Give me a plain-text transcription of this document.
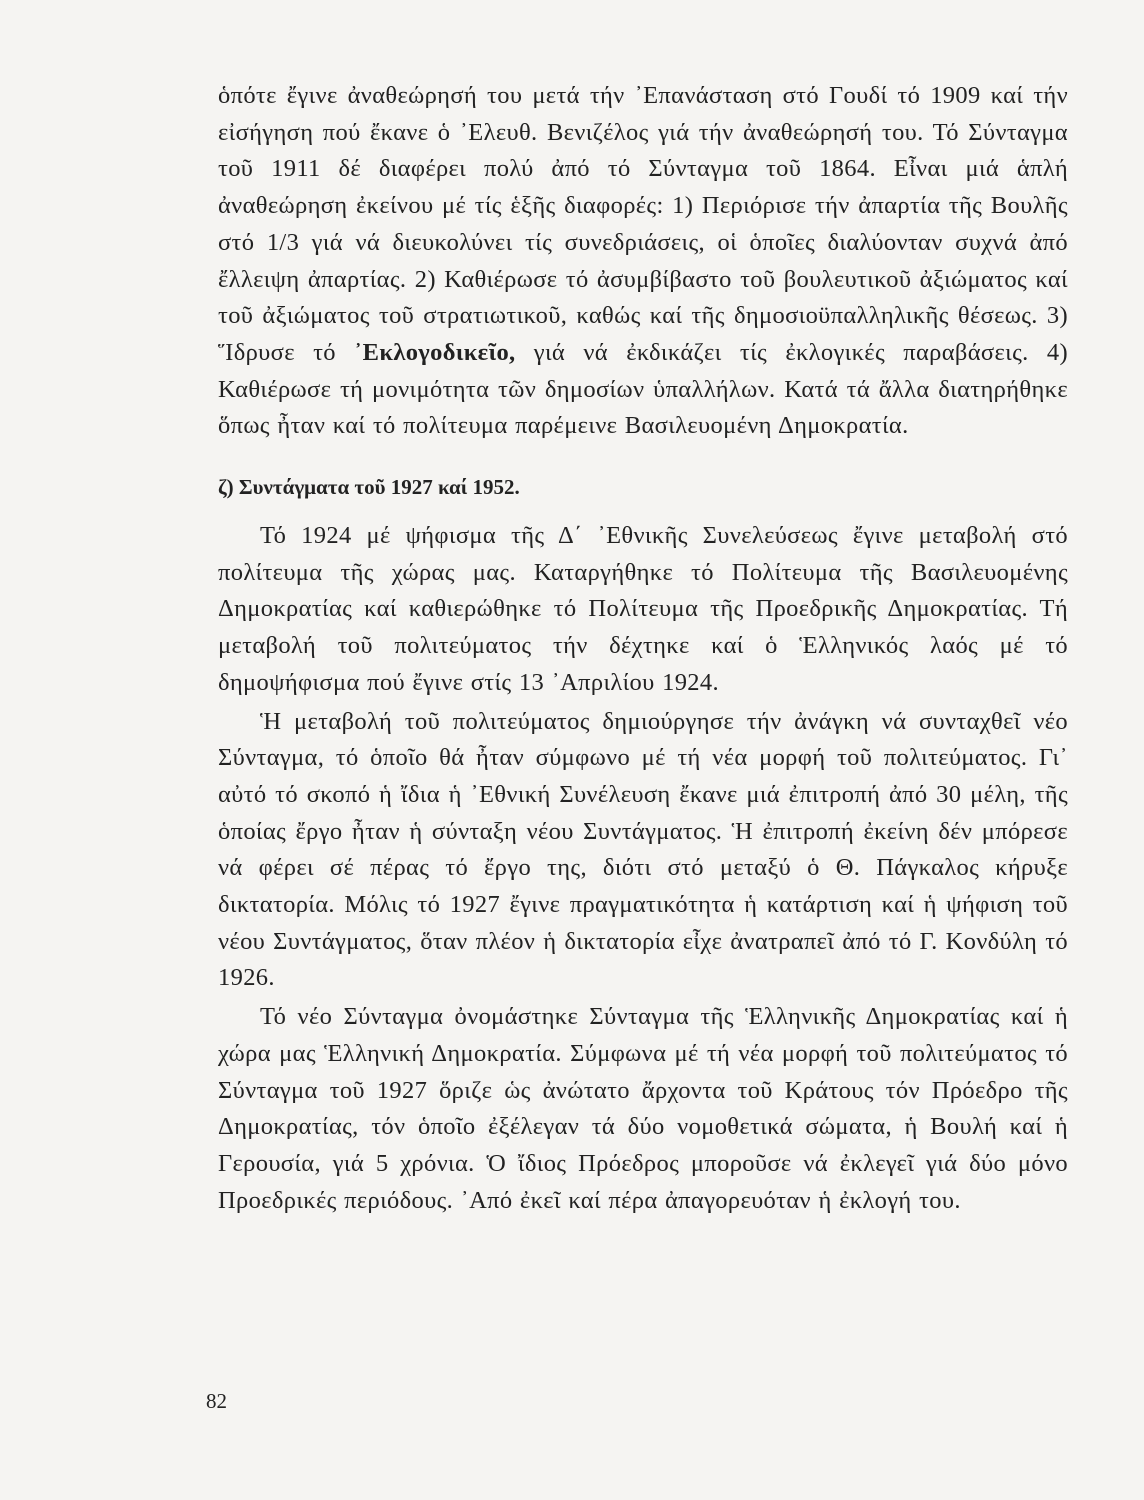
ὁπότε ἔγινε ἀναθεώρησή του μετά τήν ᾽Επανάσταση στό Γουδί τό 1909 καί τήν εἰσήγηση πού ἔκανε ὁ ᾽Ελευθ. Βενιζέλος γιά τήν ἀναθεώρησή του. Τό Σύνταγμα τοῦ 1911 δέ διαφέρει πολύ ἀπό τό Σύνταγμα τοῦ 1864. Εἶναι μιά ἁπλή ἀναθεώρηση ἐκείνου μέ τίς ἑξῆς διαφορές: 1) Περιόρισε τήν ἀπαρτία τῆς Βουλῆς στό 1/3 γιά νά διευκολύνει τίς συνεδριάσεις, οἱ ὁποῖες διαλύονταν συχνά ἀπό ἔλλειψη ἀπαρτίας. 2) Καθιέρωσε τό ἀσυμβίβαστο τοῦ βουλευτικοῦ ἀξιώματος καί τοῦ ἀξιώματος τοῦ στρατιωτικοῦ, καθώς καί τῆς δημοσιοϋπαλληλικῆς θέσεως. 3) Ἵδρυσε τό ᾽Εκλογοδικεῖο, γιά νά ἐκδικάζει τίς ἐκλογικές παραβάσεις. 4) Καθιέρωσε τή μονιμότητα τῶν δημοσίων ὑπαλλήλων. Κατά τά ἄλλα διατηρήθηκε ὅπως ἦταν καί τό πολίτευμα παρέμεινε Βασιλευομένη Δημοκρατία.

ζ) Συντάγματα τοῦ 1927 καί 1952.

Τό 1924 μέ ψήφισμα τῆς Δ΄ ᾽Εθνικῆς Συνελεύσεως ἔγινε μεταβολή στό πολίτευμα τῆς χώρας μας. Καταργήθηκε τό Πολίτευμα τῆς Βασιλευομένης Δημοκρατίας καί καθιερώθηκε τό Πολίτευμα τῆς Προεδρικῆς Δημοκρατίας. Τή μεταβολή τοῦ πολιτεύματος τήν δέχτηκε καί ὁ Ἑλληνικός λαός μέ τό δημοψήφισμα πού ἔγινε στίς 13 ᾽Απριλίου 1924.

Ἡ μεταβολή τοῦ πολιτεύματος δημιούργησε τήν ἀνάγκη νά συνταχθεῖ νέο Σύνταγμα, τό ὁποῖο θά ἦταν σύμφωνο μέ τή νέα μορφή τοῦ πολιτεύματος. Γι᾽ αὐτό τό σκοπό ἡ ἴδια ἡ ᾽Εθνική Συνέλευση ἔκανε μιά ἐπιτροπή ἀπό 30 μέλη, τῆς ὁποίας ἔργο ἦταν ἡ σύνταξη νέου Συντάγματος. Ἡ ἐπιτροπή ἐκείνη δέν μπόρεσε νά φέρει σέ πέρας τό ἔργο της, διότι στό μεταξύ ὁ Θ. Πάγκαλος κήρυξε δικτατορία. Μόλις τό 1927 ἔγινε πραγματικότητα ἡ κατάρτιση καί ἡ ψήφιση τοῦ νέου Συντάγματος, ὅταν πλέον ἡ δικτατορία εἶχε ἀνατραπεῖ ἀπό τό Γ. Κονδύλη τό 1926.

Τό νέο Σύνταγμα ὀνομάστηκε Σύνταγμα τῆς Ἑλληνικῆς Δημοκρατίας καί ἡ χώρα μας Ἑλληνική Δημοκρατία. Σύμφωνα μέ τή νέα μορφή τοῦ πολιτεύματος τό Σύνταγμα τοῦ 1927 ὅριζε ὡς ἀνώτατο ἄρχοντα τοῦ Κράτους τόν Πρόεδρο τῆς Δημοκρατίας, τόν ὁποῖο ἐξέλεγαν τά δύο νομοθετικά σώματα, ἡ Βουλή καί ἡ Γερουσία, γιά 5 χρόνια. Ὁ ἴδιος Πρόεδρος μποροῦσε νά ἐκλεγεῖ γιά δύο μόνο Προεδρικές περιόδους. ᾽Από ἐκεῖ καί πέρα ἀπαγορευόταν ἡ ἐκλογή του.

82
